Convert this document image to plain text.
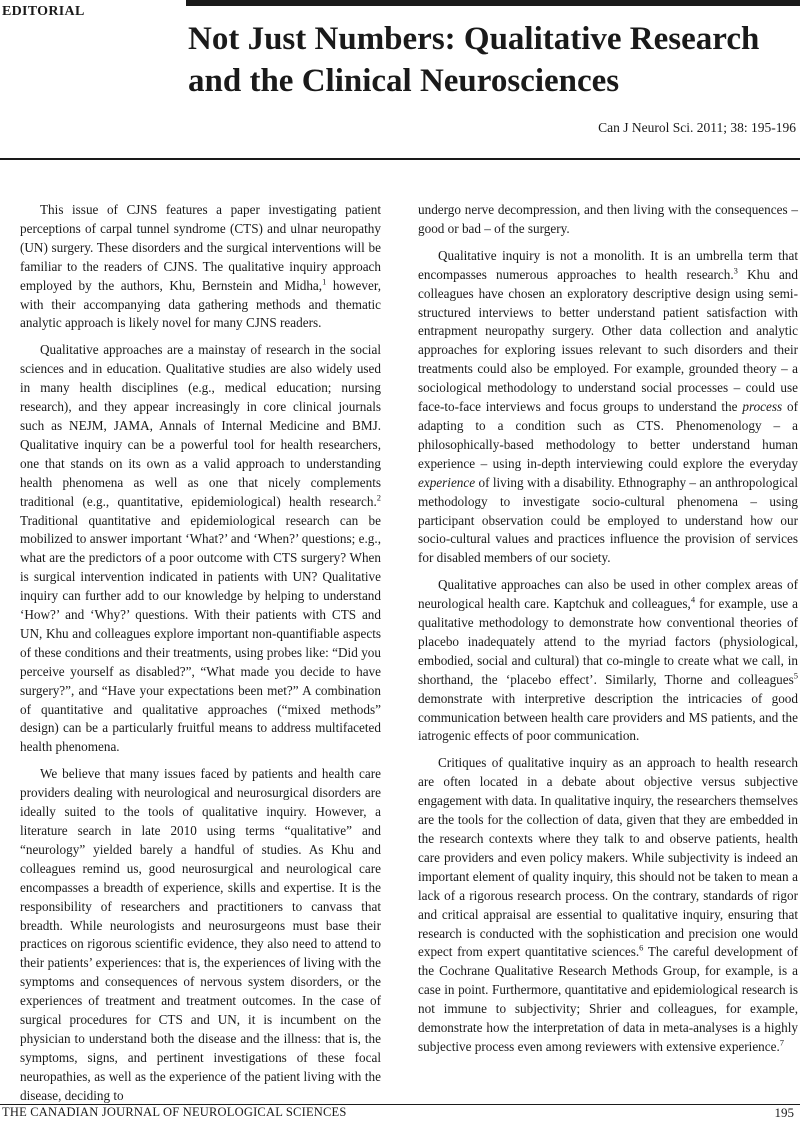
EDITORIAL
Not Just Numbers: Qualitative Research and the Clinical Neurosciences
Can J Neurol Sci. 2011; 38: 195-196

This issue of CJNS features a paper investigating patient perceptions of carpal tunnel syndrome (CTS) and ulnar neuropathy (UN) surgery. These disorders and the surgical interventions will be familiar to the readers of CJNS. The qualitative inquiry approach employed by the authors, Khu, Bernstein and Midha,$^1$ however, with their accompanying data gathering methods and thematic analytic approach is likely novel for many CJNS readers.

Qualitative approaches are a mainstay of research in the social sciences and in education. Qualitative studies are also widely used in many health disciplines (e.g., medical education; nursing research), and they appear increasingly in core clinical journals such as NEJM, JAMA, Annals of Internal Medicine and BMJ. Qualitative inquiry can be a powerful tool for health researchers, one that stands on its own as a valid approach to understanding health phenomena as well as one that nicely complements traditional (e.g., quantitative, epidemiological) health research.$^2$ Traditional quantitative and epidemiological research can be mobilized to answer important ‘What?’ and ‘When?’ questions; e.g., what are the predictors of a poor outcome with CTS surgery? When is surgical intervention indicated in patients with UN? Qualitative inquiry can further add to our knowledge by helping to understand ‘How?’ and ‘Why?’ questions. With their patients with CTS and UN, Khu and colleagues explore important non-quantifiable aspects of these conditions and their treatments, using probes like: “Did you perceive yourself as disabled?”, “What made you decide to have surgery?”, and “Have your expectations been met?” A combination of quantitative and qualitative approaches (“mixed methods” design) can be a particularly fruitful means to address multifaceted health phenomena.

We believe that many issues faced by patients and health care providers dealing with neurological and neurosurgical disorders are ideally suited to the tools of qualitative inquiry. However, a literature search in late 2010 using terms “qualitative” and “neurology” yielded barely a handful of studies. As Khu and colleagues remind us, good neurosurgical and neurological care encompasses a breadth of experience, skills and expertise. It is the responsibility of researchers and practitioners to canvass that breadth. While neurologists and neurosurgeons must base their practices on rigorous scientific evidence, they also need to attend to their patients’ experiences: that is, the experiences of living with the symptoms and consequences of nervous system disorders, or the experiences of treatment and treatment outcomes. In the case of surgical procedures for CTS and UN, it is incumbent on the physician to understand both the disease and the illness: that is, the symptoms, signs, and pertinent investigations of these focal neuropathies, as well as the experience of the patient living with the disease, deciding to

undergo nerve decompression, and then living with the consequences – good or bad – of the surgery.

Qualitative inquiry is not a monolith. It is an umbrella term that encompasses numerous approaches to health research.$^3$ Khu and colleagues have chosen an exploratory descriptive design using semi-structured interviews to better understand patient satisfaction with entrapment neuropathy surgery. Other data collection and analytic approaches for exploring issues relevant to such disorders and their treatments could also be employed. For example, grounded theory – a sociological methodology to understand social processes – could use face-to-face interviews and focus groups to understand the process of adapting to a condition such as CTS. Phenomenology – a philosophically-based methodology to better understand human experience – using in-depth interviewing could explore the everyday experience of living with a disability. Ethnography – an anthropological methodology to investigate socio-cultural phenomena – using participant observation could be employed to understand how our socio-cultural values and practices influence the provision of services for disabled members of our society.

Qualitative approaches can also be used in other complex areas of neurological health care. Kaptchuk and colleagues,$^4$ for example, use a qualitative methodology to demonstrate how conventional theories of placebo inadequately attend to the myriad factors (physiological, embodied, social and cultural) that co-mingle to create what we call, in shorthand, the ‘placebo effect’. Similarly, Thorne and colleagues$^5$ demonstrate with interpretive description the intricacies of good communication between health care providers and MS patients, and the iatrogenic effects of poor communication.

Critiques of qualitative inquiry as an approach to health research are often located in a debate about objective versus subjective engagement with data. In qualitative inquiry, the researchers themselves are the tools for the collection of data, given that they are embedded in the research contexts where they talk to and observe patients, health care providers and even policy makers. While subjectivity is indeed an important element of quality inquiry, this should not be taken to mean a lack of a rigorous research process. On the contrary, standards of rigor and critical appraisal are essential to qualitative inquiry, ensuring that research is conducted with the sophistication and precision one would expect from expert quantitative sciences.$^6$ The careful development of the Cochrane Qualitative Research Methods Group, for example, is a case in point. Furthermore, quantitative and epidemiological research is not immune to subjectivity; Shrier and colleagues, for example, demonstrate how the interpretation of data in meta-analyses is a highly subjective process even among reviewers with extensive experience.$^7$

THE CANADIAN JOURNAL OF NEUROLOGICAL SCIENCES	195
